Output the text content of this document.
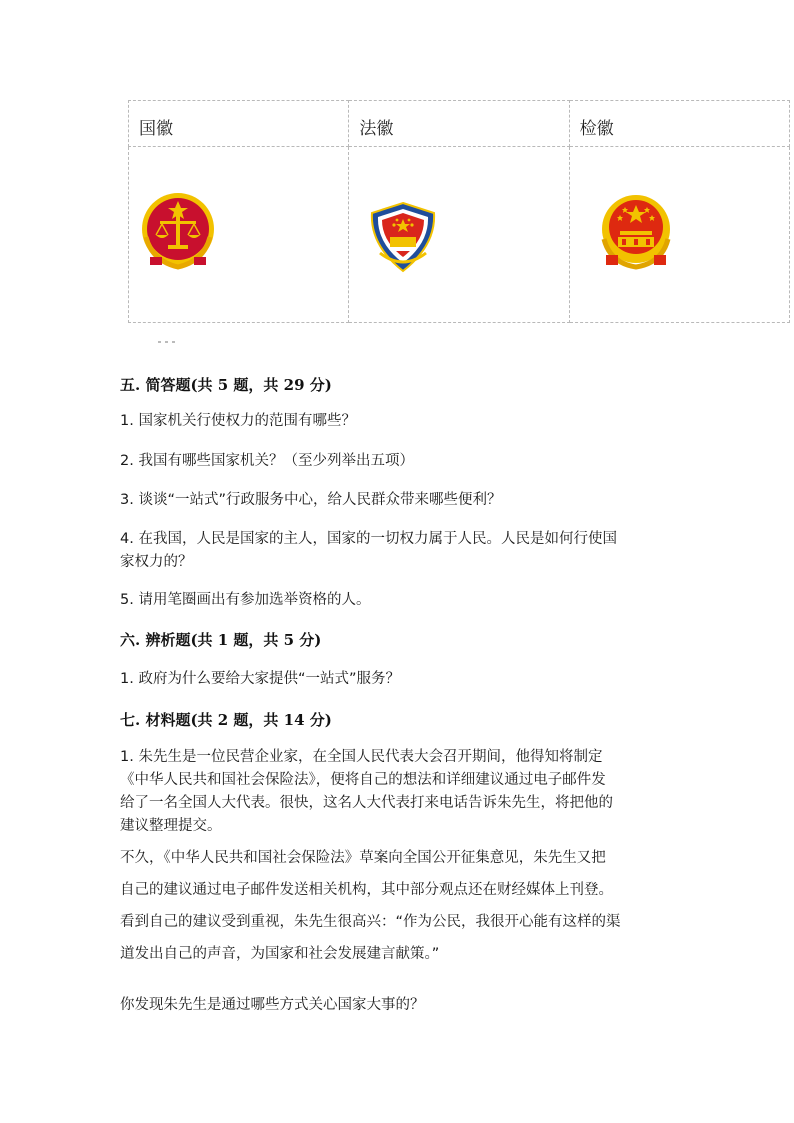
国徽	法徽	检徽

五. 简答题(共 5 题，共 29 分)
1. 国家机关行使权力的范围有哪些？
2. 我国有哪些国家机关？（至少列举出五项）
3. 谈谈“一站式”行政服务中心，给人民群众带来哪些便利？
4. 在我国，人民是国家的主人，国家的一切权力属于人民。人民是如何行使国
家权力的？
5. 请用笔圈画出有参加选举资格的人。
六. 辨析题(共 1 题，共 5 分)
1. 政府为什么要给大家提供“一站式”服务？
七. 材料题(共 2 题，共 14 分)
1. 朱先生是一位民营企业家，在全国人民代表大会召开期间，他得知将制定
《中华人民共和国社会保险法》，便将自己的想法和详细建议通过电子邮件发
给了一名全国人大代表。很快，这名人大代表打来电话告诉朱先生，将把他的
建议整理提交。
不久，《中华人民共和国社会保险法》草案向全国公开征集意见，朱先生又把
自己的建议通过电子邮件发送相关机构，其中部分观点还在财经媒体上刊登。
看到自己的建议受到重视，朱先生很高兴：“作为公民，我很开心能有这样的渠
道发出自己的声音，为国家和社会发展建言献策。”
你发现朱先生是通过哪些方式关心国家大事的？
